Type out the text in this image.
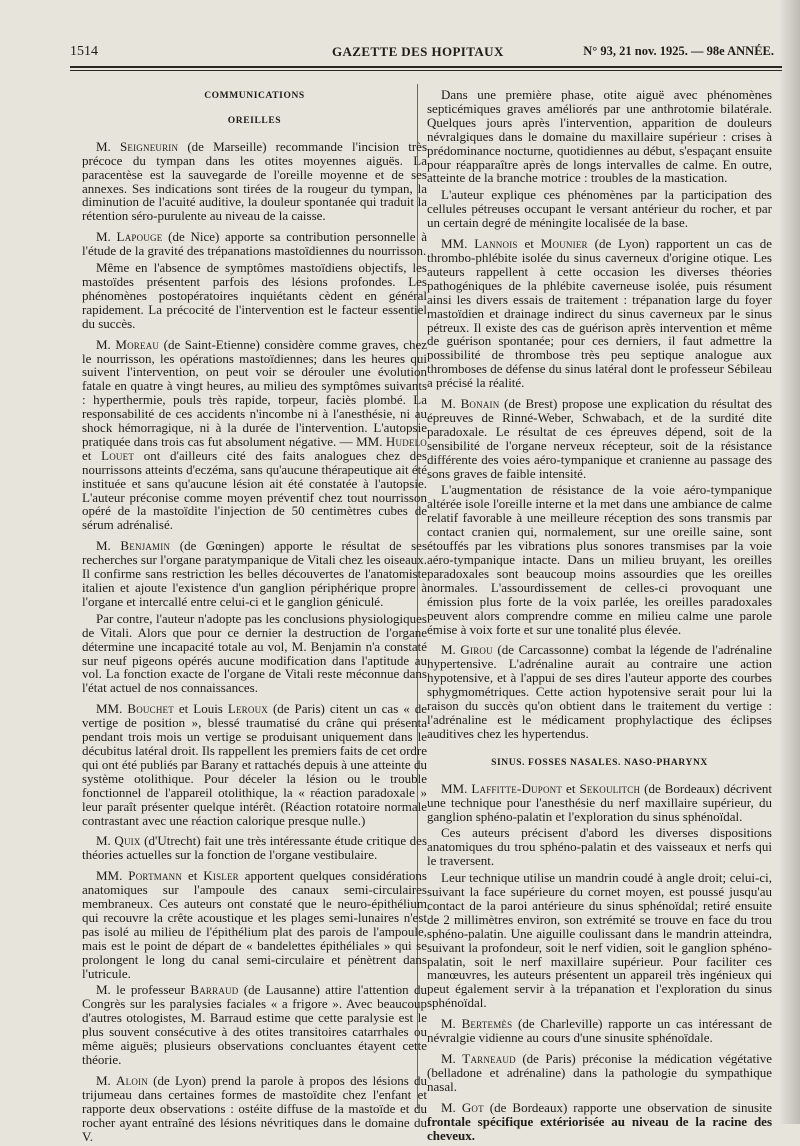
1514	GAZETTE DES HOPITAUX	N° 93, 21 nov. 1925. — 98e ANNÉE.
COMMUNICATIONS
OREILLES

M. Seigneurin (de Marseille) recommande l'incision très précoce du tympan dans les otites moyennes aiguës. La paracentèse est la sauvegarde de l'oreille moyenne et de ses annexes. Ses indications sont tirées de la rougeur du tympan, la diminution de l'acuité auditive, la douleur spontanée qui traduit la rétention séro-purulente au niveau de la caisse.

M. Lapouge (de Nice) apporte sa contribution personnelle à l'étude de la gravité des trépanations mastoïdiennes du nourrisson.

Même en l'absence de symptômes mastoïdiens objectifs, les mastoïdes présentent parfois des lésions profondes. Les phénomènes postopératoires inquiétants cèdent en général rapidement. La précocité de l'intervention est le facteur essentiel du succès.

M. Moreau (de Saint-Etienne) considère comme graves, chez le nourrisson, les opérations mastoïdiennes; dans les heures qui suivent l'intervention, on peut voir se dérouler une évolution fatale en quatre à vingt heures, au milieu des symptômes suivants : hyperthermie, pouls très rapide, torpeur, faciès plombé. La responsabilité de ces accidents n'incombe ni à l'anesthésie, ni au shock hémorragique, ni à la durée de l'intervention. L'autopsie pratiquée dans trois cas fut absolument négative. — MM. Hudelo et Louet ont d'ailleurs cité des faits analogues chez des nourrissons atteints d'eczéma, sans qu'aucune thérapeutique ait été instituée et sans qu'aucune lésion ait été constatée à l'autopsie. L'auteur préconise comme moyen préventif chez tout nourrisson opéré de la mastoïdite l'injection de 50 centimètres cubes de sérum adrénalisé.

M. Benjamin (de Gœningen) apporte le résultat de ses recherches sur l'organe paratympanique de Vitali chez les oiseaux. Il confirme sans restriction les belles découvertes de l'anatomiste italien et ajoute l'existence d'un ganglion périphérique propre à l'organe et intercallé entre celui-ci et le ganglion géniculé.

Par contre, l'auteur n'adopte pas les conclusions physiologiques de Vitali. Alors que pour ce dernier la destruction de l'organe détermine une incapacité totale au vol, M. Benjamin n'a constaté sur neuf pigeons opérés aucune modification dans l'aptitude au vol. La fonction exacte de l'organe de Vitali reste méconnue dans l'état actuel de nos connaissances.

MM. Bouchet et Louis Leroux (de Paris) citent un cas « de vertige de position », blessé traumatisé du crâne qui présenta pendant trois mois un vertige se produisant uniquement dans le décubitus latéral droit. Ils rappellent les premiers faits de cet ordre qui ont été publiés par Barany et rattachés depuis à une atteinte du système otolithique. Pour déceler la lésion ou le trouble fonctionnel de l'appareil otolithique, la « réaction paradoxale » leur paraît présenter quelque intérêt. (Réaction rotatoire normale contrastant avec une réaction calorique presque nulle.)

M. Quix (d'Utrecht) fait une très intéressante étude critique des théories actuelles sur la fonction de l'organe vestibulaire.

MM. Portmann et Kisler apportent quelques considérations anatomiques sur l'ampoule des canaux semi-circulaires membraneux. Ces auteurs ont constaté que le neuro-épithélium qui recouvre la crête acoustique et les plages semi-lunaires n'est pas isolé au milieu de l'épithélium plat des parois de l'ampoule, mais est le point de départ de « bandelettes épithéliales » qui se prolongent le long du canal semi-circulaire et pénètrent dans l'utricule.

M. le professeur Barraud (de Lausanne) attire l'attention du Congrès sur les paralysies faciales « a frigore ». Avec beaucoup d'autres otologistes, M. Barraud estime que cette paralysie est le plus souvent consécutive à des otites transitoires catarrhales ou même aiguës; plusieurs observations concluantes étayent cette théorie.

M. Aloin (de Lyon) prend la parole à propos des lésions du trijumeau dans certaines formes de mastoïdite chez l'enfant et rapporte deux observations : ostéite diffuse de la mastoïde et du rocher ayant entraîné des lésions névritiques dans le domaine du V.

Dans une première phase, otite aiguë avec phénomènes septicémiques graves améliorés par une anthrotomie bilatérale. Quelques jours après l'intervention, apparition de douleurs névralgiques dans le domaine du maxillaire supérieur : crises à prédominance nocturne, quotidiennes au début, s'espaçant ensuite pour réapparaître après de longs intervalles de calme. En outre, atteinte de la branche motrice : troubles de la mastication.

L'auteur explique ces phénomènes par la participation des cellules pétreuses occupant le versant antérieur du rocher, et par un certain degré de méningite localisée de la base.

MM. Lannois et Mounier (de Lyon) rapportent un cas de thrombo-phlébite isolée du sinus caverneux d'origine otique. Les auteurs rappellent à cette occasion les diverses théories pathogéniques de la phlébite caverneuse isolée, puis résument ainsi les divers essais de traitement : trépanation large du foyer mastoïdien et drainage indirect du sinus caverneux par le sinus pétreux. Il existe des cas de guérison après intervention et même de guérison spontanée; pour ces derniers, il faut admettre la possibilité de thrombose très peu septique analogue aux thromboses de défense du sinus latéral dont le professeur Sébileau a précisé la réalité.

M. Bonain (de Brest) propose une explication du résultat des épreuves de Rinné-Weber, Schwabach, et de la surdité dite paradoxale. Le résultat de ces épreuves dépend, soit de la sensibilité de l'organe nerveux récepteur, soit de la résistance différente des voies aéro-tympanique et cranienne au passage des sons graves de faible intensité.

L'augmentation de résistance de la voie aéro-tympanique altérée isole l'oreille interne et la met dans une ambiance de calme relatif favorable à une meilleure réception des sons transmis par contact cranien qui, normalement, sur une oreille saine, sont étouffés par les vibrations plus sonores transmises par la voie aéro-tympanique intacte. Dans un milieu bruyant, les oreilles paradoxales sont beaucoup moins assourdies que les oreilles normales. L'assourdissement de celles-ci provoquant une émission plus forte de la voix parlée, les oreilles paradoxales peuvent alors comprendre comme en milieu calme une parole émise à voix forte et sur une tonalité plus élevée.

M. Girou (de Carcassonne) combat la légende de l'adrénaline hypertensive. L'adrénaline aurait au contraire une action hypotensive, et à l'appui de ses dires l'auteur apporte des courbes sphygmométriques. Cette action hypotensive serait pour lui la raison du succès qu'on obtient dans le traitement du vertige : l'adrénaline est le médicament prophylactique des éclipses auditives chez les hypertendus.

SINUS. FOSSES NASALES. NASO-PHARYNX

MM. Laffitte-Dupont et Sekoulitch (de Bordeaux) décrivent une technique pour l'anesthésie du nerf maxillaire supérieur, du ganglion sphéno-palatin et l'exploration du sinus sphénoïdal.

Ces auteurs précisent d'abord les diverses dispositions anatomiques du trou sphéno-palatin et des vaisseaux et nerfs qui le traversent.

Leur technique utilise un mandrin coudé à angle droit; celui-ci, suivant la face supérieure du cornet moyen, est poussé jusqu'au contact de la paroi antérieure du sinus sphénoïdal; retiré ensuite de 2 millimètres environ, son extrémité se trouve en face du trou sphéno-palatin. Une aiguille coulissant dans le mandrin atteindra, suivant la profondeur, soit le nerf vidien, soit le ganglion sphéno-palatin, soit le nerf maxillaire supérieur. Pour faciliter ces manœuvres, les auteurs présentent un appareil très ingénieux qui peut également servir à la trépanation et l'exploration du sinus sphénoïdal.

M. Bertemès (de Charleville) rapporte un cas intéressant de névralgie vidienne au cours d'une sinusite sphénoïdale.

M. Tarneaud (de Paris) préconise la médication végétative (belladone et adrénaline) dans la pathologie du sympathique nasal.

M. Got (de Bordeaux) rapporte une observation de sinusite frontale spécifique extériorisée au niveau de la racine des cheveux.
